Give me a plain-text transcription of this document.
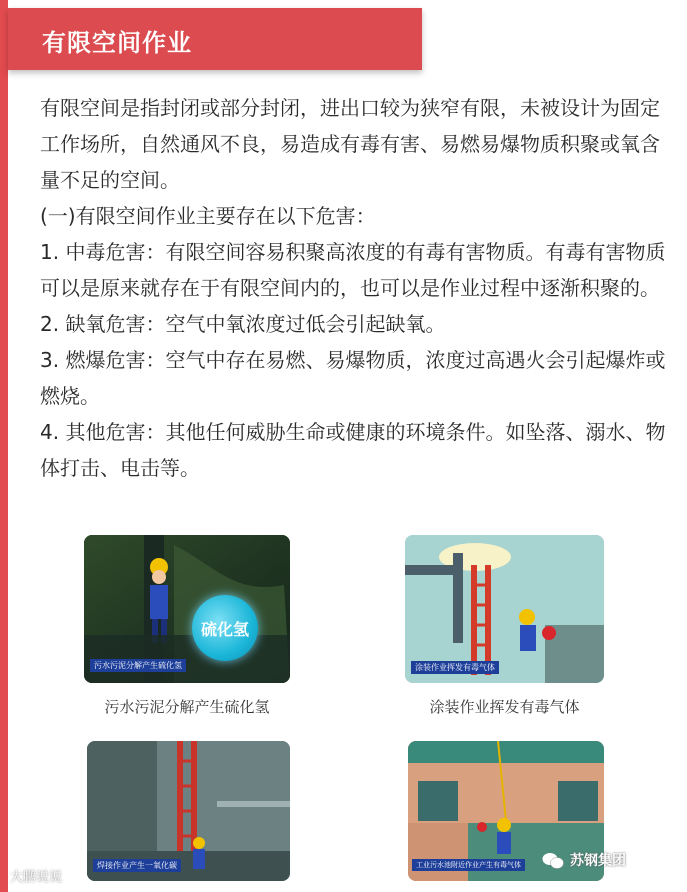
有限空间作业

有限空间是指封闭或部分封闭，进出口较为狭窄有限，未被设计为固定工作场所，自然通风不良，易造成有毒有害、易燃易爆物质积聚或氧含量不足的空间。

(一)有限空间作业主要存在以下危害：

1. 中毒危害：有限空间容易积聚高浓度的有毒有害物质。有毒有害物质可以是原来就存在于有限空间内的，也可以是作业过程中逐渐积聚的。

2. 缺氧危害：空气中氧浓度过低会引起缺氧。

3. 燃爆危害：空气中存在易燃、易爆物质，浓度过高遇火会引起爆炸或燃烧。

4. 其他危害：其他任何威胁生命或健康的环境条件。如坠落、溺水、物体打击、电击等。

硫化氢
污水污泥分解产生硫化氢
污水污泥分解产生硫化氢
涂装作业挥发有毒气体
涂装作业挥发有毒气体
焊接作业产生一氧化碳	工业污水池附近作业产生有毒气体
大鹏说说
苏钢集团
